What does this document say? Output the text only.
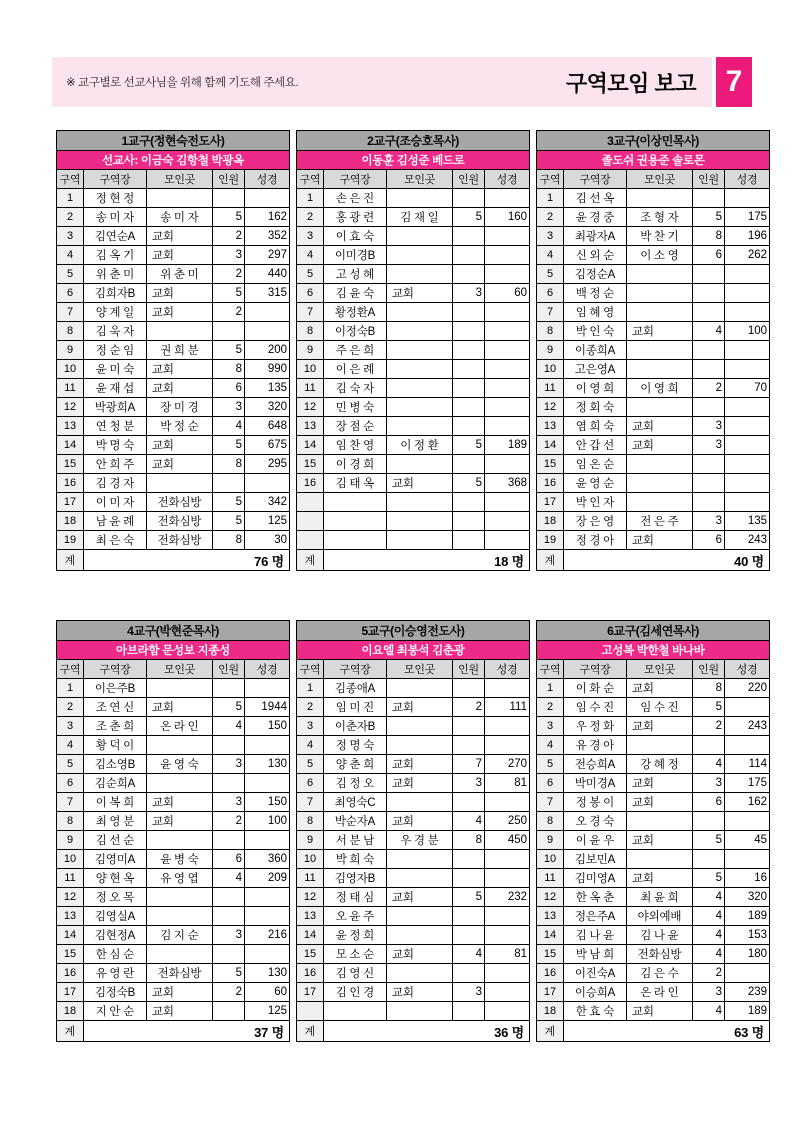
※ 교구별로 선교사님을 위해 함께 기도해 주세요.	구역모임 보고 7
1교구(정현숙전도사)				
선교사: 이금숙 김항철 박광옥				
구역	구역장	모인곳	인원	성경
1	정현정			
2	송미자	송미자	5	162
3	김연순A	교회	2	352
4	김옥기	교회	3	297
5	위춘미	위춘미	2	440
6	김희자B	교회	5	315
7	양계일	교회	2	
8	김욱자			
9	정순임	권희분	5	200
10	윤미숙	교회	8	990
11	윤재섭	교회	6	135
12	박광희A	장미경	3	320
13	연청분	박정순	4	648
14	박명숙	교회	5	675
15	안희주	교회	8	295
16	김경자			
17	이미자	전화심방	5	342
18	남윤례	전화심방	5	125
19	최은숙	전화심방	8	30
계	76 명			
2교구(조승호목사)				
이동훈 김성준 베드로				
구역	구역장	모인곳	인원	성경
1	손은진			
2	홍광련	김재일	5	160
3	이효숙			
4	이미경B			
5	고성혜			
6	김윤숙	교회	3	60
7	황정환A			
8	이정숙B			
9	주은희			
10	이은례			
11	김숙자			
12	민병숙			
13	장점순			
14	임찬영	이정환	5	189
15	이경희			
16	김태옥	교회	5	368

계	18 명			
3교구(이상민목사)				
졸도쉬 권용준 솔로몬				
구역	구역장	모인곳	인원	성경
1	김선옥			
2	윤경중	조형자	5	175
3	최광자A	박찬기	8	196
4	신외순	이소영	6	262
5	김정순A			
6	백정순			
7	임혜영			
8	박인숙	교회	4	100
9	이종희A			
10	고은영A			
11	이영희	이영희	2	70
12	정회숙			
13	염희숙	교회	3	
14	안갑선	교회	3	
15	임온순			
16	윤영순			
17	박인자			
18	장은영	전은주	3	135
19	정경아	교회	6	243
계	40 명			
4교구(박현준목사)				
아브라함 문성보 지종성				
구역	구역장	모인곳	인원	성경
1	이은주B			
2	조연신	교회	5	1944
3	조춘희	온라인	4	150
4	황덕이			
5	김소영B	윤영숙	3	130
6	김순희A			
7	이복희	교회	3	150
8	최영분	교회	2	100
9	김선순			
10	김영미A	윤병숙	6	360
11	양현옥	유영엽	4	209
12	정오목			
13	김영실A			
14	김현정A	김지순	3	216
15	한심순			
16	유영란	전화심방	5	130
17	김정숙B	교회	2	60
18	지안순	교회		125
계	37 명			
5교구(이승영전도사)				
이요엘 최봉석 김춘광				
구역	구역장	모인곳	인원	성경
1	김종애A			
2	임미진	교회	2	111
3	이춘자B			
4	정명숙			
5	양춘희	교회	7	270
6	김정오	교회	3	81
7	최영숙C			
8	박순자A	교회	4	250
9	서분남	우경분	8	450
10	박희숙			
11	김영자B			
12	정태심	교회	5	232
13	오윤주			
14	윤정희			
15	모소순	교회	4	81
16	김영신			
17	김인경	교회	3	

계	36 명			
6교구(김세연목사)				
고성복 박한철 바나바				
구역	구역장	모인곳	인원	성경
1	이화순	교회	8	220
2	임수진	임수진	5	
3	우정화	교회	2	243
4	유경아			
5	전승희A	강혜정	4	114
6	박미경A	교회	3	175
7	정봉이	교회	6	162
8	오경숙			
9	이윤우	교회	5	45
10	김보민A			
11	김미영A	교회	5	16
12	한옥춘	최윤희	4	320
13	정은주A	야외예배	4	189
14	김나윤	김나윤	4	153
15	박남희	전화심방	4	180
16	이진숙A	김은수	2	
17	이승희A	온라인	3	239
18	한효숙	교회	4	189
계	63 명			
